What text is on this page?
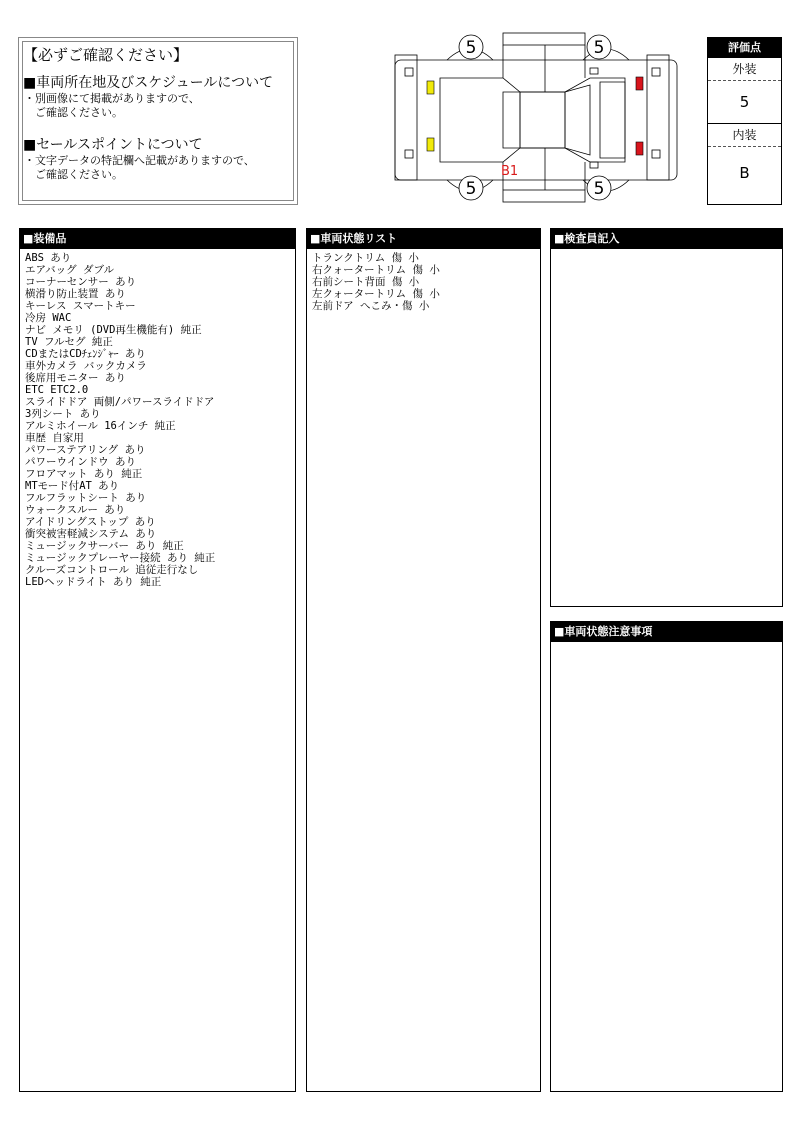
【必ずご確認ください】
■車両所在地及びスケジュールについて
・別画像にて掲載がありますので、
　ご確認ください。
■セールスポイントについて
・文字データの特記欄へ記載がありますので、
　ご確認ください。
5	5
5	5
B1
評価点
外装
5
内装
B
■装備品
ABS あり
エアバッグ ダブル
コーナーセンサー あり
横滑り防止装置 あり
キーレス スマートキー
冷房 WAC
ナビ メモリ (DVD再生機能有) 純正
TV フルセグ 純正
CDまたはCDﾁｪﾝｼﾞｬｰ あり
車外カメラ バックカメラ
後席用モニター あり
ETC ETC2.0
スライドドア 両側/パワースライドドア
3列シート あり
アルミホイール 16インチ 純正
車歴 自家用
パワーステアリング あり
パワーウインドウ あり
フロアマット あり 純正
MTモード付AT あり
フルフラットシート あり
ウォークスルー あり
アイドリングストップ あり
衝突被害軽減システム あり
ミュージックサーバー あり 純正
ミュージックプレーヤー接続 あり 純正
クルーズコントロール 追従走行なし
LEDヘッドライト あり 純正
■車両状態リスト
トランクトリム 傷 小
右クォータートリム 傷 小
右前シート背面 傷 小
左クォータートリム 傷 小
左前ドア へこみ・傷 小
■検査員記入
■車両状態注意事項
